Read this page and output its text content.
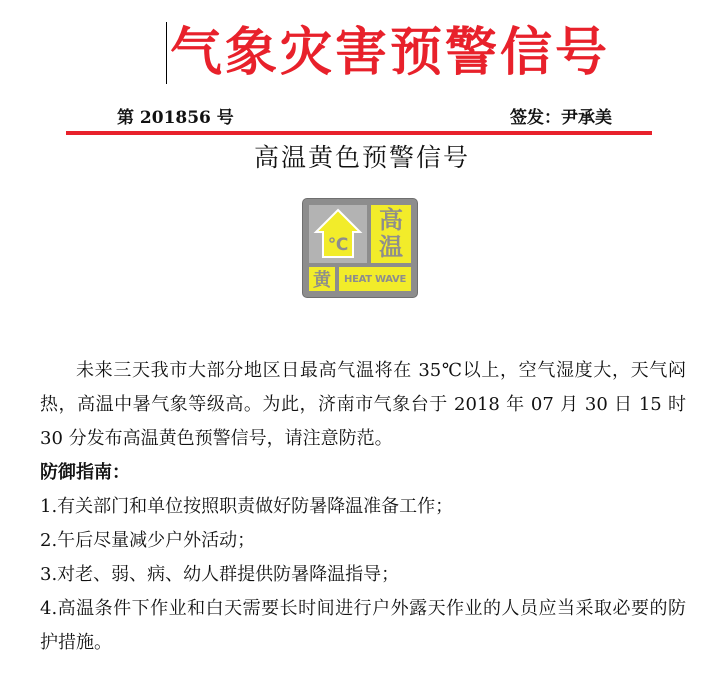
气象灾害预警信号
第 201856 号	签发：尹承美
高温黄色预警信号
℃
高
温
黄	HEAT WAVE

未来三天我市大部分地区日最高气温将在 35℃以上，空气湿度大，天气闷热，高温中暑气象等级高。为此，济南市气象台于 2018 年 07 月 30 日 15 时 30 分发布高温黄色预警信号，请注意防范。

防御指南：

1.有关部门和单位按照职责做好防暑降温准备工作；

2.午后尽量减少户外活动；

3.对老、弱、病、幼人群提供防暑降温指导；

4.高温条件下作业和白天需要长时间进行户外露天作业的人员应当采取必要的防护措施。
